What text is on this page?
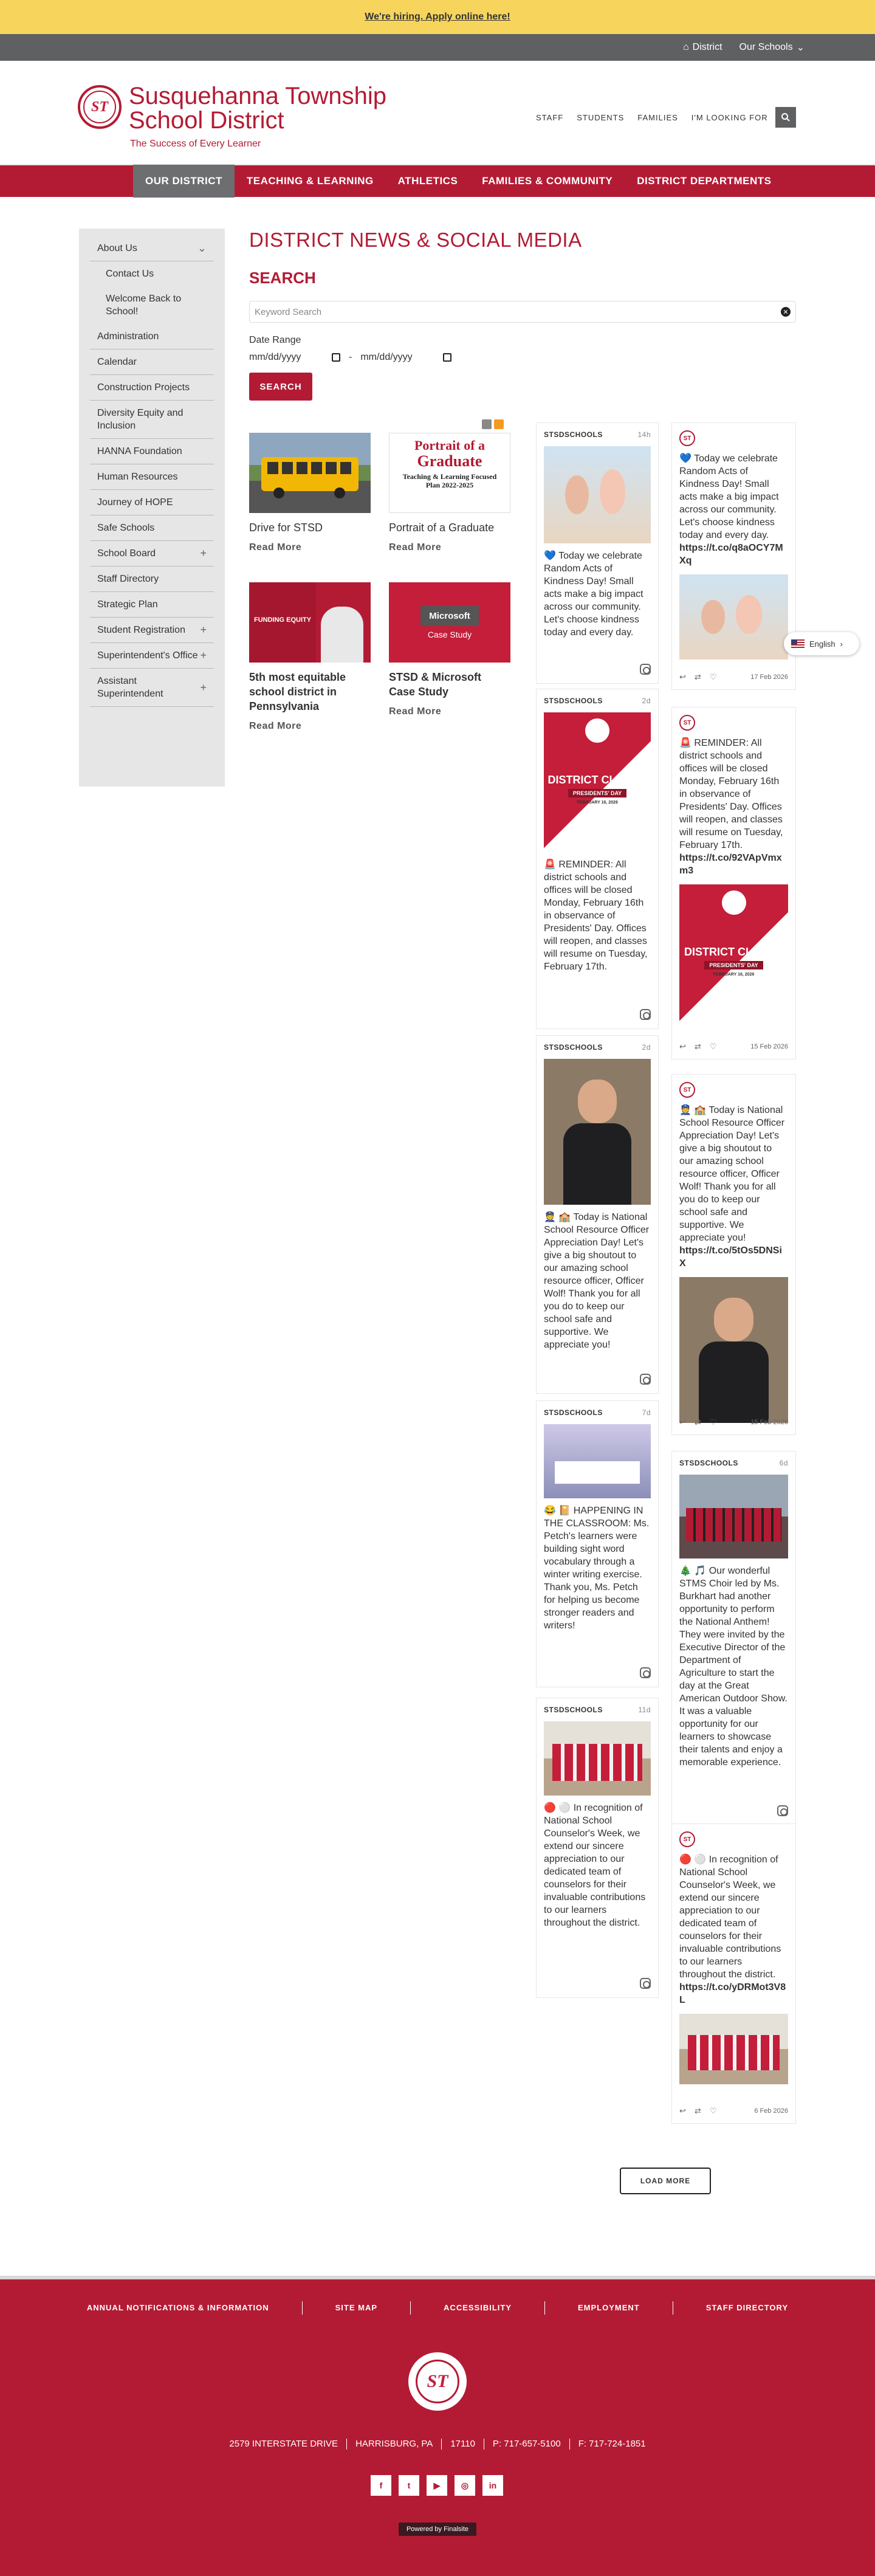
We're hiring. Apply online here!
⌂ District Our Schools ⌄
ST Susquehanna Township
School District
The Success of Every Learner
STAFF STUDENTS FAMILIES I'M LOOKING FOR
OUR DISTRICT	TEACHING & LEARNING	ATHLETICS	FAMILIES & COMMUNITY	DISTRICT DEPARTMENTS
About Us	⌄
Contact Us
Welcome Back to School!
Administration
Calendar
Construction Projects
Diversity Equity and Inclusion
HANNA Foundation
Human Resources
Journey of HOPE
Safe Schools
School Board	+
Staff Directory
Strategic Plan
Student Registration +
Superintendent's Office +
Assistant Superintendent
+
DISTRICT NEWS & SOCIAL MEDIA
SEARCH
Keyword Search	✕
Date Range
mm/dd/yyyy	- mm/dd/yyyy
SEARCH
Drive for STSD
Read More
Portrait of a
Graduate
Teaching & Learning Focused Plan 2022-2025
Portrait of a Graduate
Read More
FUNDING EQUITY
5th most equitable school district in Pennsylvania
Read More
Microsoft
Case Study
STSD & Microsoft Case Study
Read More
STSDSCHOOLS	14h
💙 Today we celebrate Random Acts of Kindness Day! Small acts make a big impact across our community. Let's choose kindness today and every day.
STSDSCHOOLS	2d
DISTRICT CLOSED
PRESIDENTS' DAY
FEBRUARY 16, 2026
🚨 REMINDER: All district schools and offices will be closed Monday, February 16th in observance of Presidents' Day. Offices will reopen, and classes will resume on Tuesday, February 17th.
STSDSCHOOLS	2d
👮 🏫 Today is National School Resource Officer Appreciation Day! Let's give a big shoutout to our amazing school resource officer, Officer Wolf! Thank you for all you do to keep our school safe and supportive. We appreciate you!
STSDSCHOOLS	7d
😂 📔 HAPPENING IN THE CLASSROOM: Ms. Petch's learners were building sight word vocabulary through a winter writing exercise. Thank you, Ms. Petch for helping us become stronger readers and writers!
STSDSCHOOLS	11d
🔴 ⚪ In recognition of National School Counselor's Week, we extend our sincere appreciation to our dedicated team of counselors for their invaluable contributions to our learners throughout the district.
ST
💙 Today we celebrate Random Acts of Kindness Day! Small acts make a big impact across our community. Let's choose kindness today and every day.
https://t.co/q8aOCY7MXq
↩ ⇄ ♡	17 Feb 2026
ST
🚨 REMINDER: All district schools and offices will be closed Monday, February 16th in observance of Presidents' Day. Offices will reopen, and classes will resume on Tuesday, February 17th.
https://t.co/92VApVmxm3
DISTRICT CLOSED
PRESIDENTS' DAY
FEBRUARY 16, 2026
↩ ⇄ ♡	15 Feb 2026
ST
👮 🏫 Today is National School Resource Officer Appreciation Day! Let's give a big shoutout to our amazing school resource officer, Officer Wolf! Thank you for all you do to keep our school safe and supportive. We appreciate you!
https://t.co/5tOs5DNSiX
↩ ⇄ ♡	15 Feb 2026
STSDSCHOOLS	6d
🎄 🎵 Our wonderful STMS Choir led by Ms. Burkhart had another opportunity to perform the National Anthem! They were invited by the Executive Director of the Department of Agriculture to start the day at the Great American Outdoor Show. It was a valuable opportunity for our learners to showcase their talents and enjoy a memorable experience.
ST
🔴 ⚪ In recognition of National School Counselor's Week, we extend our sincere appreciation to our dedicated team of counselors for their invaluable contributions to our learners throughout the district.
https://t.co/yDRMot3V8L
↩ ⇄ ♡	6 Feb 2026
LOAD MORE
English ›
ANNUAL NOTIFICATIONS & INFORMATION	SITE MAP	ACCESSIBILITY	EMPLOYMENT	STAFF DIRECTORY
ST
2579 INTERSTATE DRIVE	HARRISBURG, PA	17110	P: 717-657-5100	F: 717-724-1851
f	t	▶	◎	in
Powered by Finalsite
